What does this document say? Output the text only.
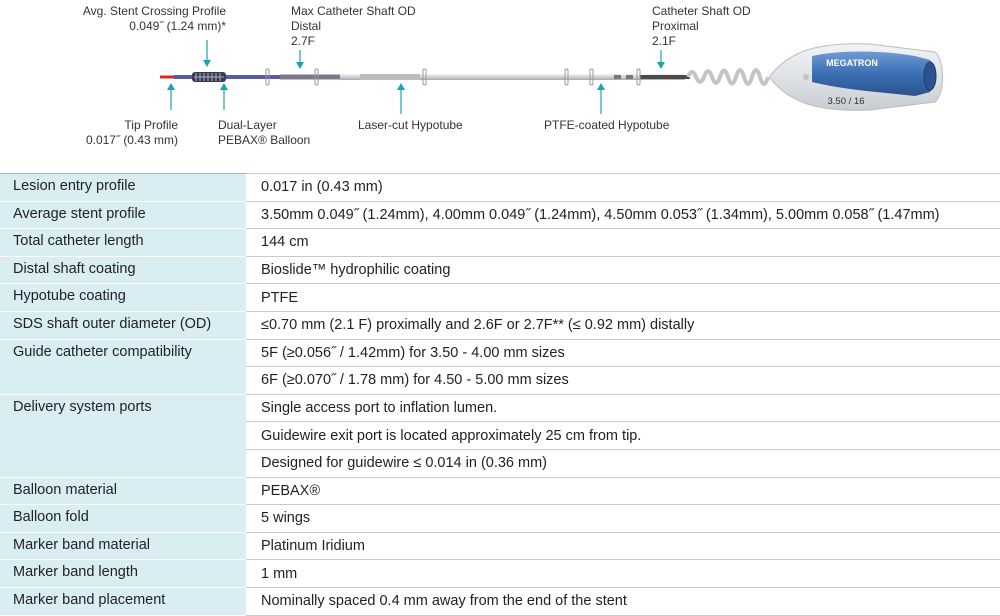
MEGATRON
3.50 / 16
Avg. Stent Crossing Profile
0.049˝ (1.24 mm)*
Max Catheter Shaft OD
Distal
2.7F
Catheter Shaft OD
Proximal
2.1F
Tip Profile
0.017˝ (0.43 mm)
Dual-Layer
PEBAX® Balloon
Laser-cut Hypotube	PTFE-coated Hypotube
Lesion entry profile	0.017 in (0.43 mm)
Average stent profile	3.50mm 0.049˝ (1.24mm), 4.00mm 0.049˝ (1.24mm), 4.50mm 0.053˝ (1.34mm), 5.00mm 0.058˝ (1.47mm)
Total catheter length	144 cm
Distal shaft coating	Bioslide™ hydrophilic coating
Hypotube coating	PTFE
SDS shaft outer diameter (OD)	≤0.70 mm (2.1 F) proximally and 2.6F or 2.7F** (≤ 0.92 mm) distally
Guide catheter compatibility	5F (≥0.056˝ / 1.42mm) for 3.50 - 4.00 mm sizes
	6F (≥0.070˝ / 1.78 mm) for 4.50 - 5.00 mm sizes
Delivery system ports	Single access port to inflation lumen.
	Guidewire exit port is located approximately 25 cm from tip.
	Designed for guidewire ≤ 0.014 in (0.36 mm)
Balloon material	PEBAX®
Balloon fold	5 wings
Marker band material	Platinum Iridium
Marker band length	1 mm
Marker band placement	Nominally spaced 0.4 mm away from the end of the stent
